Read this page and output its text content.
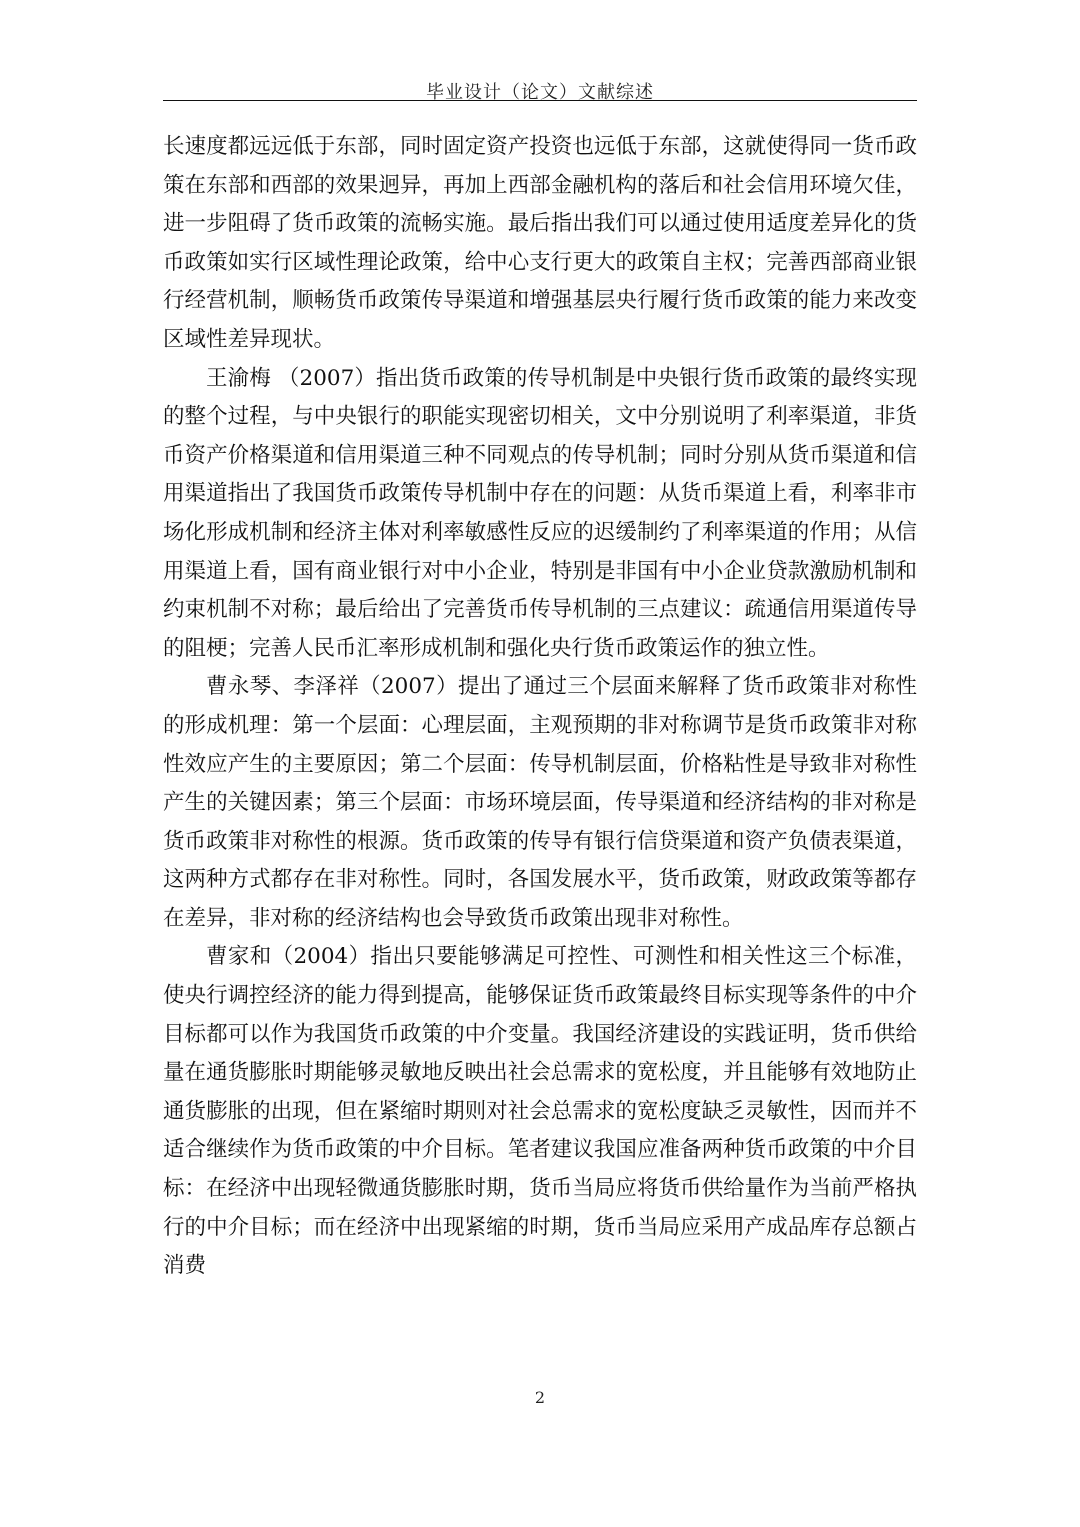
毕业设计（论文）文献综述

长速度都远远低于东部，同时固定资产投资也远低于东部，这就使得同一货币政策在东部和西部的效果迥异，再加上西部金融机构的落后和社会信用环境欠佳，进一步阻碍了货币政策的流畅实施。最后指出我们可以通过使用适度差异化的货币政策如实行区域性理论政策，给中心支行更大的政策自主权；完善西部商业银行经营机制，顺畅货币政策传导渠道和增强基层央行履行货币政策的能力来改变区域性差异现状。

王渝梅 （2007）指出货币政策的传导机制是中央银行货币政策的最终实现的整个过程，与中央银行的职能实现密切相关，文中分别说明了利率渠道，非货币资产价格渠道和信用渠道三种不同观点的传导机制；同时分别从货币渠道和信用渠道指出了我国货币政策传导机制中存在的问题：从货币渠道上看，利率非市场化形成机制和经济主体对利率敏感性反应的迟缓制约了利率渠道的作用；从信用渠道上看，国有商业银行对中小企业，特别是非国有中小企业贷款激励机制和约束机制不对称；最后给出了完善货币传导机制的三点建议：疏通信用渠道传导的阻梗；完善人民币汇率形成机制和强化央行货币政策运作的独立性。

曹永琴、李泽祥（2007）提出了通过三个层面来解释了货币政策非对称性的形成机理：第一个层面：心理层面，主观预期的非对称调节是货币政策非对称性效应产生的主要原因；第二个层面：传导机制层面，价格粘性是导致非对称性产生的关键因素；第三个层面：市场环境层面，传导渠道和经济结构的非对称是货币政策非对称性的根源。货币政策的传导有银行信贷渠道和资产负债表渠道，这两种方式都存在非对称性。同时，各国发展水平，货币政策，财政政策等都存在差异，非对称的经济结构也会导致货币政策出现非对称性。

曹家和（2004）指出只要能够满足可控性、可测性和相关性这三个标准，使央行调控经济的能力得到提高，能够保证货币政策最终目标实现等条件的中介目标都可以作为我国货币政策的中介变量。我国经济建设的实践证明，货币供给量在通货膨胀时期能够灵敏地反映出社会总需求的宽松度，并且能够有效地防止通货膨胀的出现，但在紧缩时期则对社会总需求的宽松度缺乏灵敏性，因而并不适合继续作为货币政策的中介目标。笔者建议我国应准备两种货币政策的中介目标：在经济中出现轻微通货膨胀时期，货币当局应将货币供给量作为当前严格执行的中介目标；而在经济中出现紧缩的时期，货币当局应采用产成品库存总额占消费

2
